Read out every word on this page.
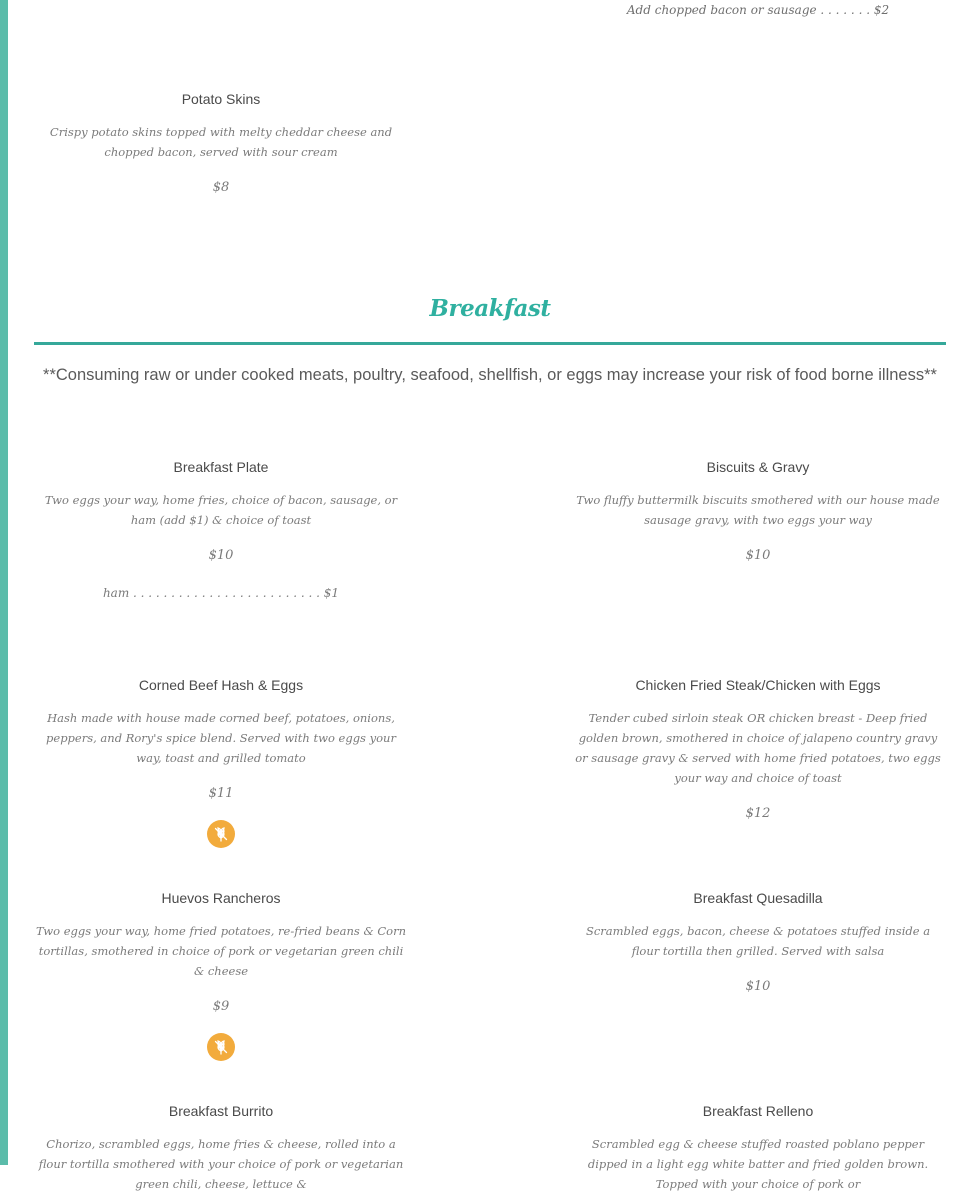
Add chopped bacon or sausage . . . . . . . $2
Potato Skins
Crispy potato skins topped with melty cheddar cheese and chopped bacon, served with sour cream
$8
Breakfast
**Consuming raw or under cooked meats, poultry, seafood, shellfish, or eggs may increase your risk of food borne illness**
Breakfast Plate
Two eggs your way, home fries, choice of bacon, sausage, or ham (add $1) & choice of toast
$10
ham . . . . . . . . . . . . . . . . . . . . . . . . . $1
Biscuits & Gravy
Two fluffy buttermilk biscuits smothered with our house made sausage gravy, with two eggs your way
$10
Corned Beef Hash & Eggs
Hash made with house made corned beef, potatoes, onions, peppers, and Rory's spice blend. Served with two eggs your way, toast and grilled tomato
$11
Chicken Fried Steak/Chicken with Eggs
Tender cubed sirloin steak OR chicken breast - Deep fried golden brown, smothered in choice of jalapeno country gravy or sausage gravy & served with home fried potatoes, two eggs your way and choice of toast
$12
Huevos Rancheros
Two eggs your way, home fried potatoes, re-fried beans & Corn tortillas, smothered in choice of pork or vegetarian green chili & cheese
$9
Breakfast Quesadilla
Scrambled eggs, bacon, cheese & potatoes stuffed inside a flour tortilla then grilled. Served with salsa
$10
Breakfast Burrito
Chorizo, scrambled eggs, home fries & cheese, rolled into a flour tortilla smothered with your choice of pork or vegetarian green chili, cheese, lettuce &
Breakfast Relleno
Scrambled egg & cheese stuffed roasted poblano pepper dipped in a light egg white batter and fried golden brown. Topped with your choice of pork or
